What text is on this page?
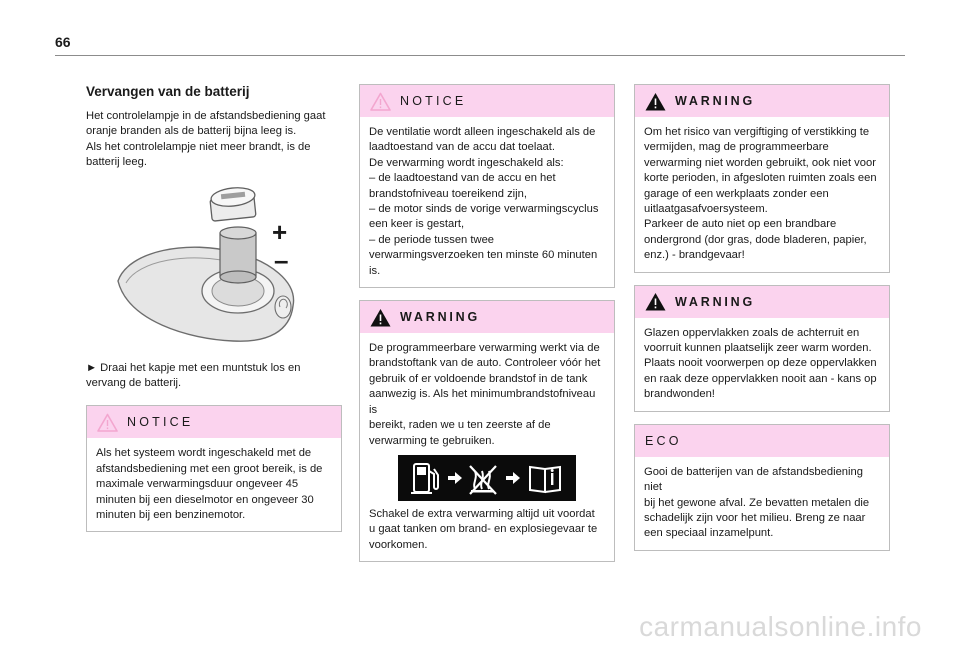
66
Vervangen van de batterij

Het controlelampje in de afstandsbediening gaat
oranje branden als de batterij bijna leeg is.
Als het controlelampje niet meer brandt, is de
batterij leeg.

+
–

► Draai het kapje met een muntstuk los en
vervang de batterij.

NOTICE

Als het systeem wordt ingeschakeld met de
afstandsbediening met een groot bereik, is de
maximale verwarmingsduur ongeveer 45
minuten bij een dieselmotor en ongeveer 30
minuten bij een benzinemotor.

NOTICE

De ventilatie wordt alleen ingeschakeld als de
laadtoestand van de accu dat toelaat.
De verwarming wordt ingeschakeld als:
– de laadtoestand van de accu en het
brandstofniveau toereikend zijn,
– de motor sinds de vorige verwarmingscyclus
een keer is gestart,
– de periode tussen twee
verwarmingsverzoeken ten minste 60 minuten
is.

WARNING

De programmeerbare verwarming werkt via de
brandstoftank van de auto. Controleer vóór het
gebruik of er voldoende brandstof in de tank
aanwezig is. Als het minimumbrandstofniveau is
bereikt, raden we u ten zeerste af de
verwarming te gebruiken.

Schakel de extra verwarming altijd uit voordat
u gaat tanken om brand- en explosiegevaar te
voorkomen.

WARNING

Om het risico van vergiftiging of verstikking te
vermijden, mag de programmeerbare
verwarming niet worden gebruikt, ook niet voor
korte perioden, in afgesloten ruimten zoals een
garage of een werkplaats zonder een
uitlaatgasafvoersysteem.
Parkeer de auto niet op een brandbare
ondergrond (dor gras, dode bladeren, papier,
enz.) - brandgevaar!

WARNING

Glazen oppervlakken zoals de achterruit en
voorruit kunnen plaatselijk zeer warm worden.
Plaats nooit voorwerpen op deze oppervlakken
en raak deze oppervlakken nooit aan - kans op
brandwonden!

ECO

Gooi de batterijen van de afstandsbediening niet
bij het gewone afval. Ze bevatten metalen die
schadelijk zijn voor het milieu. Breng ze naar
een speciaal inzamelpunt.

carmanualsonline.info
